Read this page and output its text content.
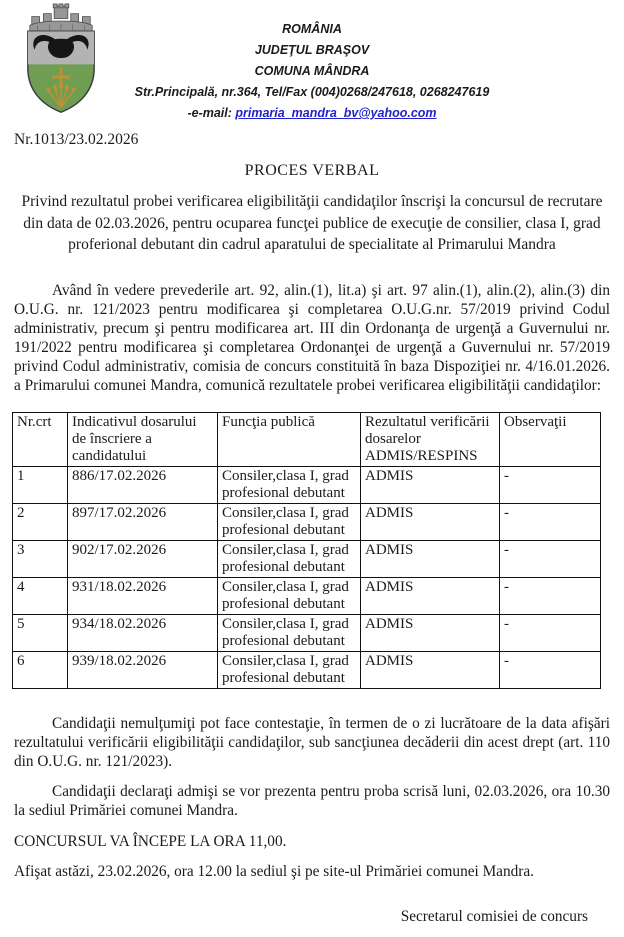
ROMÂNIA
JUDEŢUL BRAŞOV
COMUNA MÂNDRA
Str.Principală, nr.364, Tel/Fax (004)0268/247618, 0268247619
-e-mail: primaria_mandra_bv@yahoo.com
Nr.1013/23.02.2026
PROCES VERBAL
Privind rezultatul probei verificarea eligibilităţii candidaţilor înscrişi la concursul de recrutare din data de 02.03.2026, pentru ocuparea funcţei publice de execuţie de consilier, clasa I, grad proferional debutant din cadrul aparatului de specialitate al Primarului Mandra
Având în vedere prevederile art. 92, alin.(1), lit.a) şi art. 97 alin.(1), alin.(2), alin.(3) din O.U.G. nr. 121/2023 pentru modificarea şi completarea O.U.G.nr. 57/2019 privind Codul administrativ, precum şi pentru modificarea art. III din Ordonanţa de urgenţă a Guvernului nr. 191/2022 pentru modificarea şi completarea Ordonanţei de urgenţă a Guvernului nr. 57/2019 privind Codul administrativ, comisia de concurs constituită în baza Dispoziţiei nr. 4/16.01.2026. a Primarului comunei Mandra, comunică rezultatele probei verificarea eligibilităţii candidaţilor:
Nr.crt	Indicativul dosarului de înscriere a candidatului	Funcţia publică	Rezultatul verificării dosarelor ADMIS/RESPINS	Observaţii
1	886/17.02.2026	Consiler,clasa I, grad profesional debutant	ADMIS	-
2	897/17.02.2026	Consiler,clasa I, grad profesional debutant	ADMIS	-
3	902/17.02.2026	Consiler,clasa I, grad profesional debutant	ADMIS	-
4	931/18.02.2026	Consiler,clasa I, grad profesional debutant	ADMIS	-
5	934/18.02.2026	Consiler,clasa I, grad profesional debutant	ADMIS	-
6	939/18.02.2026	Consiler,clasa I, grad profesional debutant	ADMIS	-
Candidaţii nemulţumiţi pot face contestaţie, în termen de o zi lucrătoare de la data afişări rezultatului verificării eligibilităţii candidaţilor, sub sancţiunea decăderii din acest drept (art. 110 din O.U.G. nr. 121/2023).
Candidaţii declaraţi admişi se vor prezenta pentru proba scrisă luni, 02.03.2026, ora 10.30 la sediul Primăriei comunei Mandra.
CONCURSUL VA ÎNCEPE LA ORA 11,00.
Afişat astăzi, 23.02.2026, ora 12.00 la sediul şi pe site-ul Primăriei comunei Mandra.
Secretarul comisiei de concurs
